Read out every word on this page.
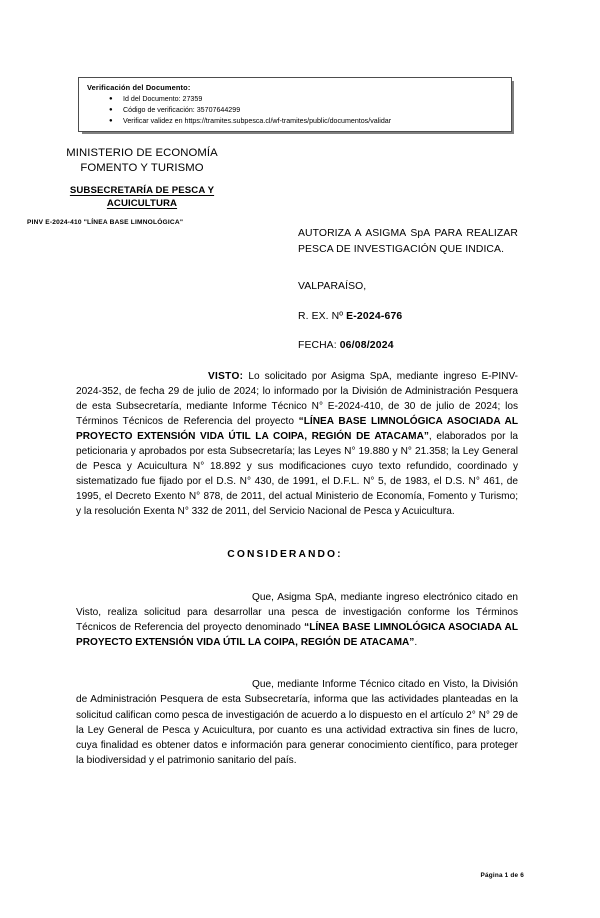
Verificación del Documento:
● Id del Documento: 27359
● Código de verificación: 35707644299
● Verificar validez en https://tramites.subpesca.cl/wf-tramites/public/documentos/validar
MINISTERIO DE ECONOMÍA
FOMENTO Y TURISMO
SUBSECRETARÍA DE PESCA Y
ACUICULTURA
PINV E-2024-410 "LÍNEA BASE LIMNOLÓGICA"
AUTORIZA A ASIGMA SpA PARA REALIZAR PESCA DE INVESTIGACIÓN QUE INDICA.
VALPARAÍSO,
R. EX. Nº E-2024-676
FECHA: 06/08/2024

VISTO: Lo solicitado por Asigma SpA, mediante ingreso E-PINV-2024-352, de fecha 29 de julio de 2024; lo informado por la División de Administración Pesquera de esta Subsecretaría, mediante Informe Técnico N° E-2024-410, de 30 de julio de 2024; los Términos Técnicos de Referencia del proyecto “LÍNEA BASE LIMNOLÓGICA ASOCIADA AL PROYECTO EXTENSIÓN VIDA ÚTIL LA COIPA, REGIÓN DE ATACAMA”, elaborados por la peticionaria y aprobados por esta Subsecretaría; las Leyes N° 19.880 y N° 21.358; la Ley General de Pesca y Acuicultura N° 18.892 y sus modificaciones cuyo texto refundido, coordinado y sistematizado fue fijado por el D.S. N° 430, de 1991, el D.F.L. N° 5, de 1983, el D.S. N° 461, de 1995, el Decreto Exento N° 878, de 2011, del actual Ministerio de Economía, Fomento y Turismo; y la resolución Exenta N° 332 de 2011, del Servicio Nacional de Pesca y Acuicultura.

CONSIDERANDO:

Que, Asigma SpA, mediante ingreso electrónico citado en Visto, realiza solicitud para desarrollar una pesca de investigación conforme los Términos Técnicos de Referencia del proyecto denominado “LÍNEA BASE LIMNOLÓGICA ASOCIADA AL PROYECTO EXTENSIÓN VIDA ÚTIL LA COIPA, REGIÓN DE ATACAMA”.

Que, mediante Informe Técnico citado en Visto, la División de Administración Pesquera de esta Subsecretaría, informa que las actividades planteadas en la solicitud califican como pesca de investigación de acuerdo a lo dispuesto en el artículo 2° N° 29 de la Ley General de Pesca y Acuicultura, por cuanto es una actividad extractiva sin fines de lucro, cuya finalidad es obtener datos e información para generar conocimiento científico, para proteger la biodiversidad y el patrimonio sanitario del país.

Página 1 de 6
